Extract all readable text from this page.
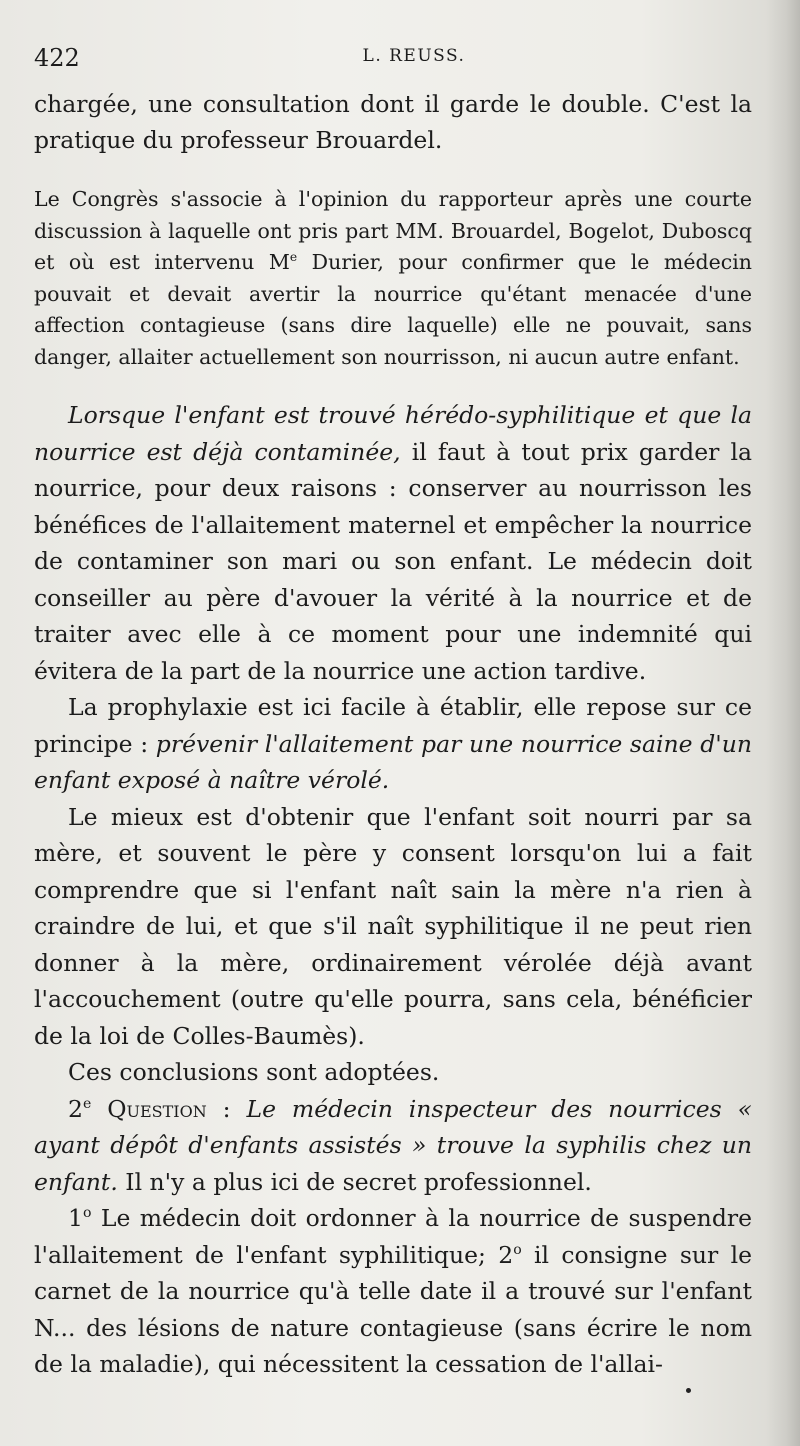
422	L. REUSS.

chargée, une consultation dont il garde le double. C'est la pratique du professeur Brouardel.

Le Congrès s'associe à l'opinion du rapporteur après une courte discussion à laquelle ont pris part MM. Brouardel, Bogelot, Duboscq et où est intervenu Me Durier, pour confirmer que le médecin pouvait et devait avertir la nourrice qu'étant menacée d'une affection contagieuse (sans dire laquelle) elle ne pouvait, sans danger, allaiter actuellement son nourrisson, ni aucun autre enfant.

Lorsque l'enfant est trouvé hérédo-syphilitique et que la nourrice est déjà contaminée, il faut à tout prix garder la nourrice, pour deux raisons : conserver au nourrisson les bénéfices de l'allaitement maternel et empêcher la nourrice de contaminer son mari ou son enfant. Le médecin doit conseiller au père d'avouer la vérité à la nourrice et de traiter avec elle à ce moment pour une indemnité qui évitera de la part de la nourrice une action tardive.

La prophylaxie est ici facile à établir, elle repose sur ce principe : prévenir l'allaitement par une nourrice saine d'un enfant exposé à naître vérolé.

Le mieux est d'obtenir que l'enfant soit nourri par sa mère, et souvent le père y consent lorsqu'on lui a fait comprendre que si l'enfant naît sain la mère n'a rien à craindre de lui, et que s'il naît syphilitique il ne peut rien donner à la mère, ordinairement vérolée déjà avant l'accouchement (outre qu'elle pourra, sans cela, bénéficier de la loi de Colles-Baumès).

Ces conclusions sont adoptées.

2e Question : Le médecin inspecteur des nourrices « ayant dépôt d'enfants assistés » trouve la syphilis chez un enfant. Il n'y a plus ici de secret professionnel.

1$^o$ Le médecin doit ordonner à la nourrice de suspendre l'allaitement de l'enfant syphilitique; 2$^o$ il consigne sur le carnet de la nourrice qu'à telle date il a trouvé sur l'enfant N... des lésions de nature contagieuse (sans écrire le nom de la maladie), qui nécessitent la cessation de l'allai-
